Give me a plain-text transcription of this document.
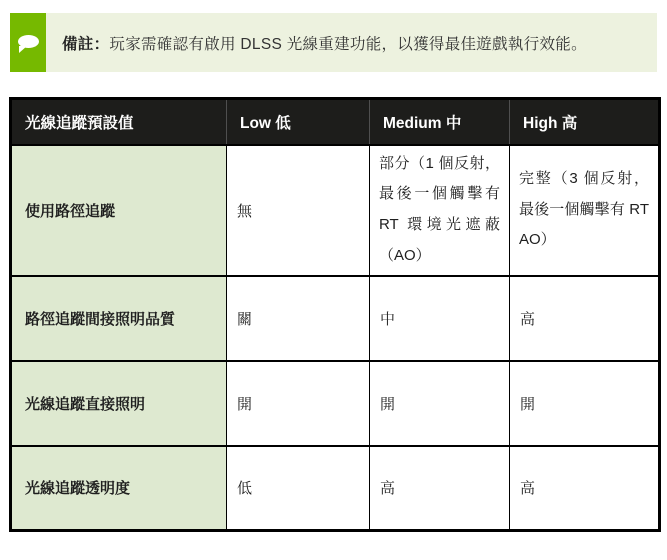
備註：玩家需確認有啟用 DLSS 光線重建功能，以獲得最佳遊戲執行效能。
光線追蹤預設值	Low 低	Medium 中	High 高
使用路徑追蹤	無	部分（1 個反射，最後一個觸擊有 RT 環境光遮蔽（AO）	完整（3 個反射，最後一個觸擊有 RT AO）
路徑追蹤間接照明品質	關	中	高
光線追蹤直接照明	開	開	開
光線追蹤透明度	低	高	高
